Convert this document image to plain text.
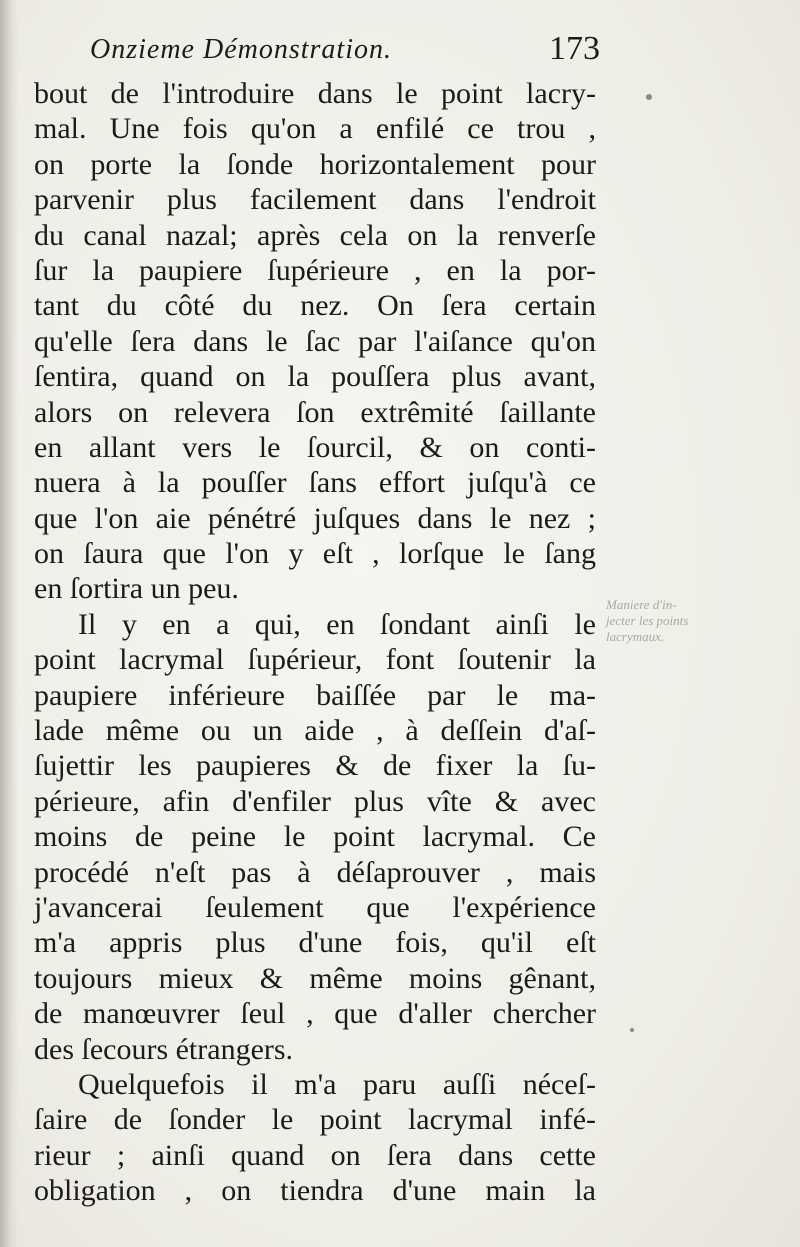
Onzieme Démonstration.	173
bout de l'introduire dans le point lacry-
mal. Une fois qu'on a enfilé ce trou ,
on porte la ſonde horizontalement pour
parvenir plus facilement dans l'endroit
du canal nazal; après cela on la renverſe
ſur la paupiere ſupérieure , en la por-
tant du côté du nez. On ſera certain
qu'elle ſera dans le ſac par l'aiſance qu'on
ſentira, quand on la pouſſera plus avant,
alors on relevera ſon extrêmité ſaillante
en allant vers le ſourcil, & on conti-
nuera à la pouſſer ſans effort juſqu'à ce
que l'on aie pénétré juſques dans le nez ;
on ſaura que l'on y eſt , lorſque le ſang
en ſortira un peu.
Il y en a qui, en ſondant ainſi le
point lacrymal ſupérieur, font ſoutenir la
paupiere inférieure baiſſée par le ma-
lade même ou un aide , à deſſein d'aſ-
ſujettir les paupieres & de fixer la ſu-
périeure, afin d'enfiler plus vîte & avec
moins de peine le point lacrymal. Ce
procédé n'eſt pas à déſaprouver , mais
j'avancerai ſeulement que l'expérience
m'a appris plus d'une fois, qu'il eſt
toujours mieux & même moins gênant,
de manœuvrer ſeul , que d'aller chercher
des ſecours étrangers.
Quelquefois il m'a paru auſſi néceſ-
ſaire de ſonder le point lacrymal infé-
rieur ; ainſi quand on ſera dans cette
obligation , on tiendra d'une main la
Maniere d'in-
jecter les points
lacrymaux.
